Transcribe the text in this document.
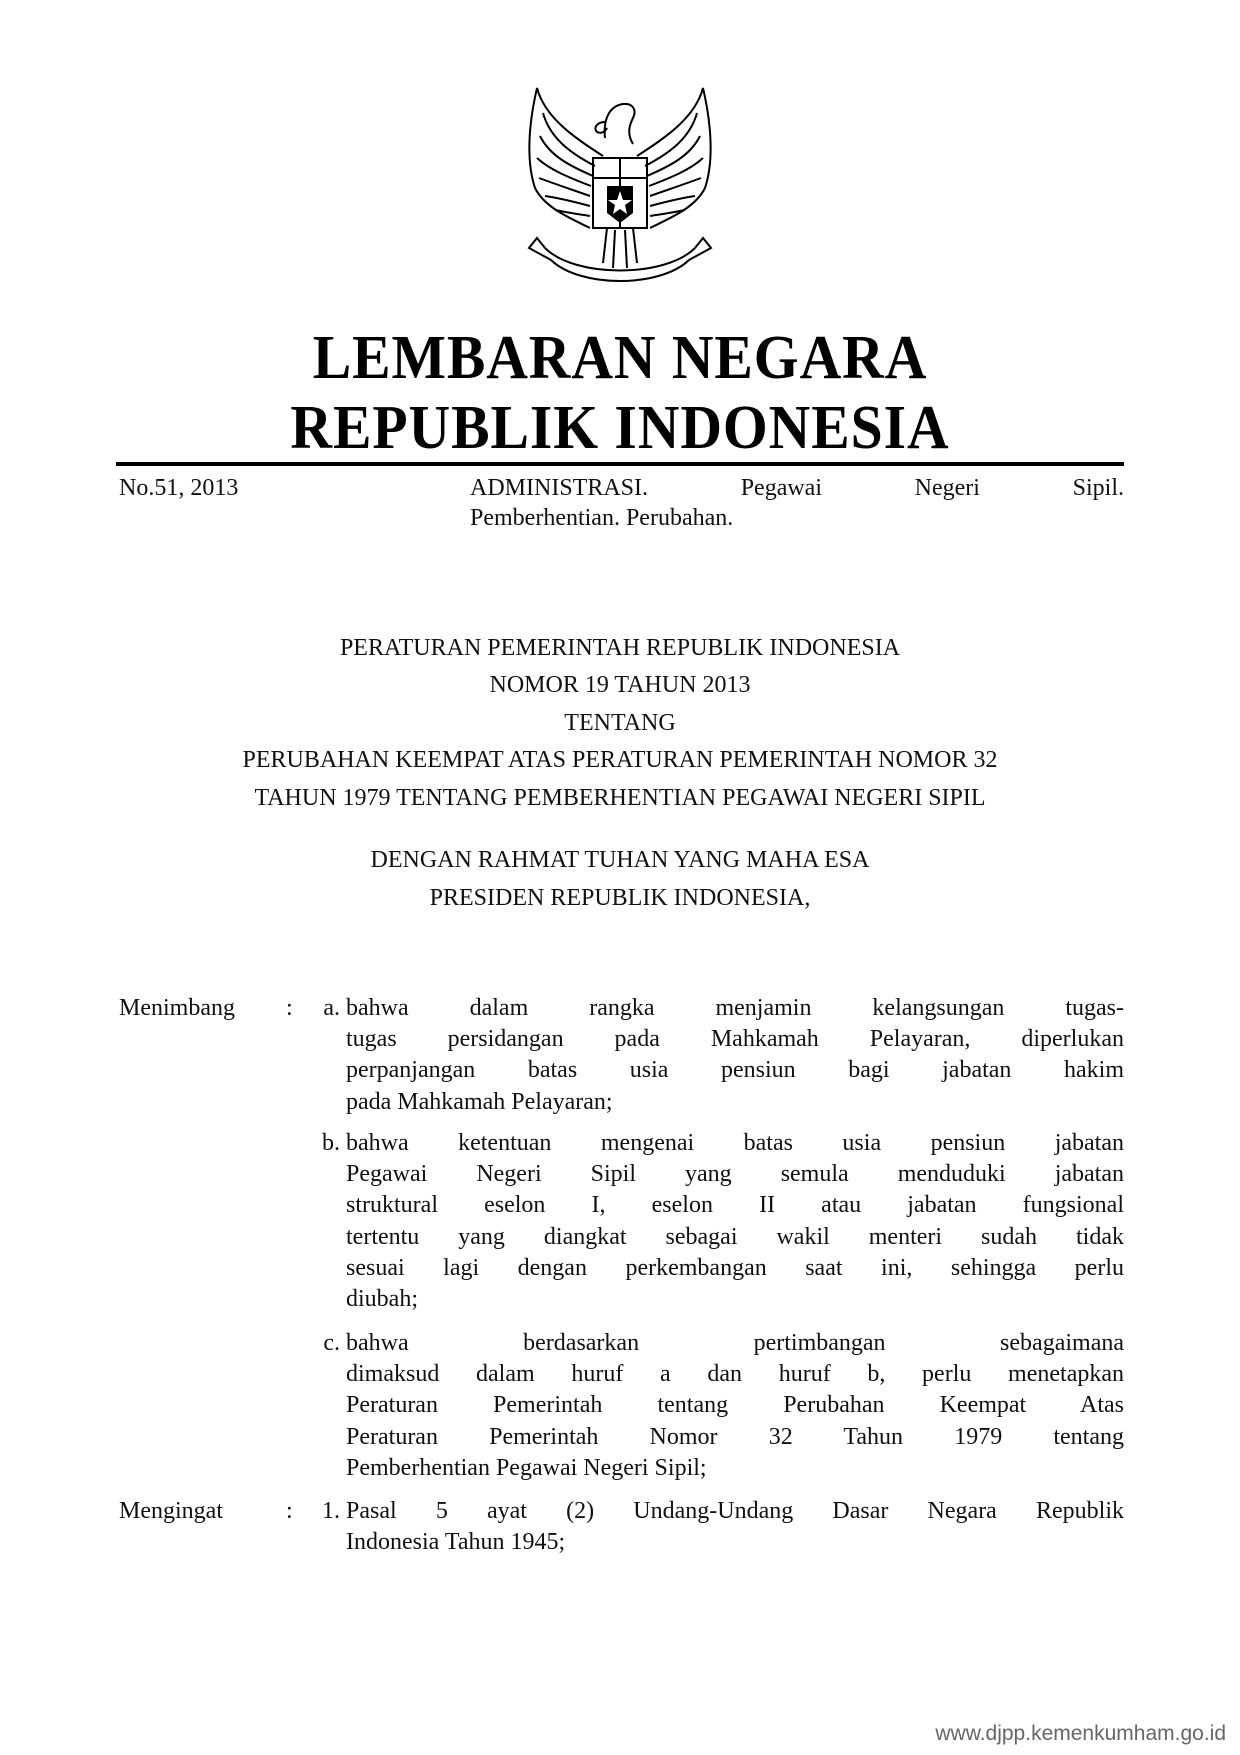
LEMBARAN NEGARA
REPUBLIK INDONESIA
No.51, 2013	ADMINISTRASI.	Pegawai	Negeri	Sipil.
Pemberhentian. Perubahan.
PERATURAN PEMERINTAH REPUBLIK INDONESIA
NOMOR 19 TAHUN 2013
TENTANG
PERUBAHAN KEEMPAT ATAS PERATURAN PEMERINTAH NOMOR 32
TAHUN 1979 TENTANG PEMBERHENTIAN PEGAWAI NEGERI SIPIL
DENGAN RAHMAT TUHAN YANG MAHA ESA
PRESIDEN REPUBLIK INDONESIA,
Menimbang :	a. bahwa dalam rangka menjamin kelangsungan tugas-
tugas persidangan pada Mahkamah Pelayaran, diperlukan
perpanjangan batas usia pensiun bagi jabatan hakim
pada Mahkamah Pelayaran;
b. bahwa ketentuan mengenai batas usia pensiun jabatan
Pegawai Negeri Sipil yang semula menduduki jabatan
struktural eselon I, eselon II atau jabatan fungsional
tertentu yang diangkat sebagai wakil menteri sudah tidak
sesuai lagi dengan perkembangan saat ini, sehingga perlu
diubah;
c. bahwa berdasarkan pertimbangan sebagaimana
dimaksud dalam huruf a dan huruf b, perlu menetapkan
Peraturan Pemerintah tentang Perubahan Keempat Atas
Peraturan Pemerintah Nomor 32 Tahun 1979 tentang
Pemberhentian Pegawai Negeri Sipil;
Mengingat	:	1. Pasal 5 ayat (2) Undang-Undang Dasar Negara Republik
Indonesia Tahun 1945;
www.djpp.kemenkumham.go.id
